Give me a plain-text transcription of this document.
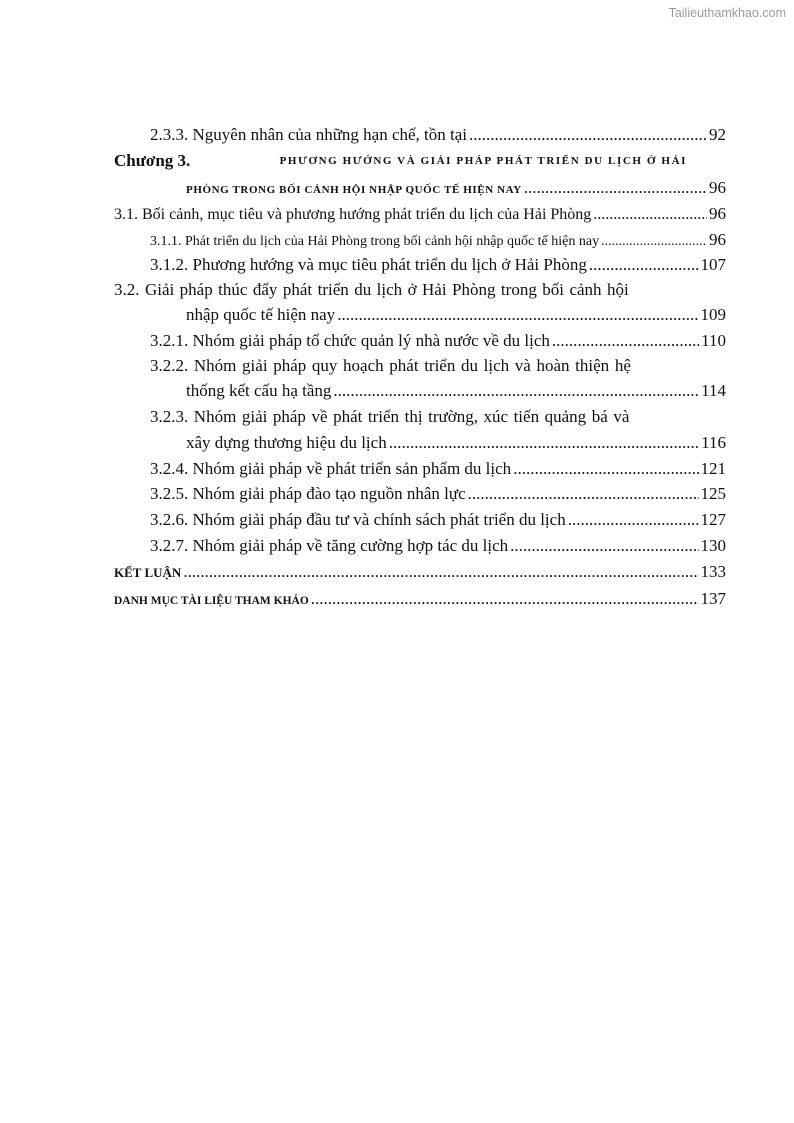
Tailieuthamkhao.com
2.3.3. Nguyên nhân của những hạn chế, tồn tại .....	92
Chương 3.	PHƯƠNG HƯỚNG VÀ GIẢI PHÁP PHÁT TRIỂN DU LỊCH Ở HẢI
PHÒNG TRONG BỐI CẢNH HỘI NHẬP QUỐC TẾ HIỆN NAY .....	96
3.1. Bối cảnh, mục tiêu và phương hướng phát triển du lịch của Hải Phòng .....	96
3.1.1. Phát triển du lịch của Hải Phòng trong bối cảnh hội nhập quốc tế hiện nay .....	96
3.1.2. Phương hướng và mục tiêu phát triển du lịch ở Hải Phòng .....	107
3.2. Giải pháp thúc đẩy phát triển du lịch ở Hải Phòng trong bối cảnh hội
nhập quốc tế hiện nay .....	109
3.2.1. Nhóm giải pháp tổ chức quản lý nhà nước về du lịch .....	110
3.2.2. Nhóm giải pháp quy hoạch phát triển du lịch và hoàn thiện hệ
thống kết cấu hạ tầng .....	114
3.2.3. Nhóm giải pháp về phát triển thị trường, xúc tiến quảng bá và
xây dựng thương hiệu du lịch .....	116
3.2.4. Nhóm giải pháp về phát triển sản phẩm du lịch .....	121
3.2.5. Nhóm giải pháp đào tạo nguồn nhân lực .....	125
3.2.6. Nhóm giải pháp đầu tư và chính sách phát triển du lịch .....	127
3.2.7. Nhóm giải pháp về tăng cường hợp tác du lịch .....	130
KẾT LUẬN .....	133
DANH MỤC TÀI LIỆU THAM KHẢO .....	137
